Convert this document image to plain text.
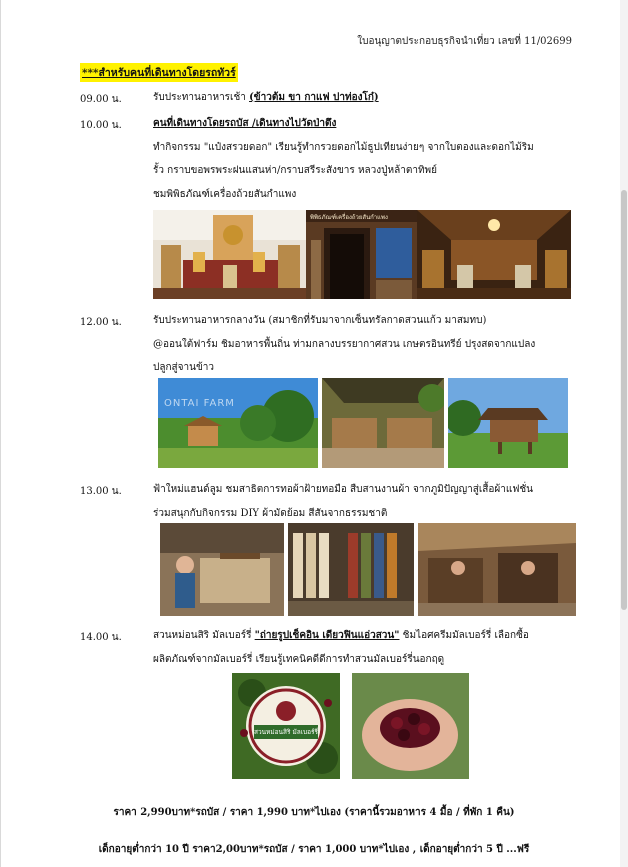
ใบอนุญาตประกอบธุรกิจนำเที่ยว เลขที่ 11/02699
***สำหรับคนที่เดินทางโดยรถทัวร์
09.00 น.	รับประทานอาหารเช้า (ข้าวต้ม ขา กาแฟ ปาท่องโก๋)
10.00 น.	คนที่เดินทางโดยรถบัส /เดินทางไปวัดป่าตึง
ทำกิจกรรม "แป๋งสรวยดอก" เรียนรู้ทำกรวยดอกไม้ธูปเทียนง่ายๆ จากใบตองและดอกไม้ริม
รั้ว กราบขอพรพระฝนแสนห่า/กราบสรีระสังขาร หลวงปู่หล้าตาทิพย์
ชมพิพิธภัณฑ์เครื่องถ้วยสันกำแพง
พิพิธภัณฑ์เครื่องถ้วยสันกำแพง
12.00 น.	รับประทานอาหารกลางวัน (สมาชิกที่รับมาจากเซ็นทรัลกาดสวนแก้ว มาสมทบ)
@ออนใต้ฟาร์ม ชิมอาหารพื้นถิ่น ท่ามกลางบรรยากาศสวน เกษตรอินทรีย์ ปรุงสดจากแปลง
ปลูกสู่จานข้าว
ONTAI FARM
13.00 น.	ฟ้าใหม่แฮนด์ลูม ชมสาธิตการทอผ้าฝ้ายทอมือ สืบสานงานผ้า จากภูมิปัญญาสู่เสื้อผ้าแฟชั่น
ร่วมสนุกกับกิจกรรม DIY ผ้ามัดย้อม สีสันจากธรรมชาติ
14.00 น.	สวนหม่อนสิริ มัลเบอร์รี่ "ถ่ายรูปเช็คอิน เดียวฟินแอ่วสวน" ชิมไอศครีมมัลเบอร์รี่ เลือกซื้อ
ผลิตภัณฑ์จากมัลเบอร์รี่ เรียนรู้เทคนิคดีดีการทำสวนมัลเบอร์รี่นอกฤดู
สวนหม่อนสิริ มัลเบอร์รี่
ราคา 2,990บาท*รถบัส / ราคา 1,990 บาท*ไปเอง (ราคานี้รวมอาหาร 4 มื้อ / ที่พัก 1 คืน)
เด็กอายุต่ำกว่า 10 ปี ราคา2,00บาท*รถบัส / ราคา 1,000 บาท*ไปเอง , เด็กอายุต่ำกว่า 5 ปี ...ฟรี
